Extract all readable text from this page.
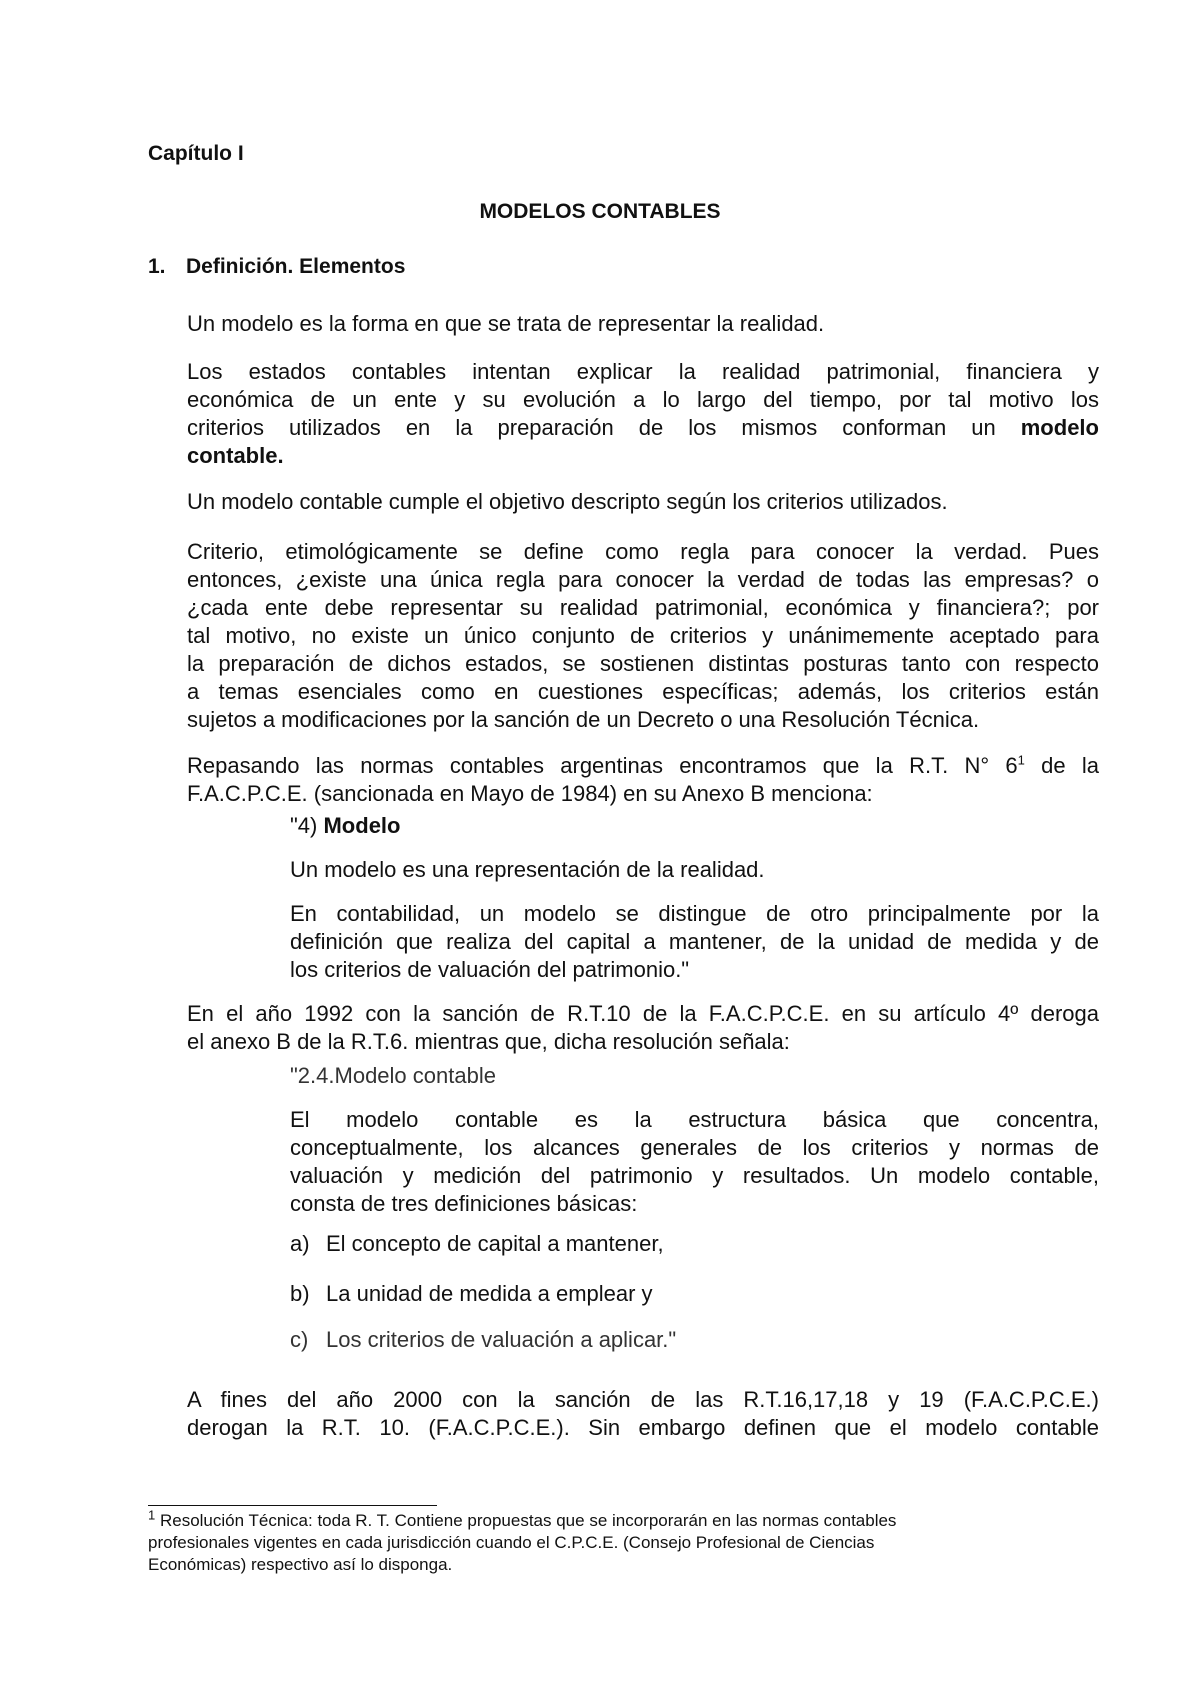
Capítulo I
MODELOS CONTABLES
1. Definición. Elementos
Un modelo es la forma en que se trata de representar la realidad.
Los estados contables intentan explicar la realidad patrimonial, financiera y
económica de un ente y su evolución a lo largo del tiempo, por tal motivo los
criterios utilizados en la preparación de los mismos conforman un modelo
contable.
Un modelo contable cumple el objetivo descripto según los criterios utilizados.
Criterio, etimológicamente se define como regla para conocer la verdad. Pues
entonces, ¿existe una única regla para conocer la verdad de todas las empresas? o
¿cada ente debe representar su realidad patrimonial, económica y financiera?; por
tal motivo, no existe un único conjunto de criterios y unánimemente aceptado para
la preparación de dichos estados, se sostienen distintas posturas tanto con respecto
a temas esenciales como en cuestiones específicas; además, los criterios están
sujetos a modificaciones por la sanción de un Decreto o una Resolución Técnica.
Repasando las normas contables argentinas encontramos que la R.T. N° $6^1$ de la
F.A.C.P.C.E. (sancionada en Mayo de 1984) en su Anexo B menciona:
"4) Modelo
Un modelo es una representación de la realidad.
En contabilidad, un modelo se distingue de otro principalmente por la
definición que realiza del capital a mantener, de la unidad de medida y de
los criterios de valuación del patrimonio."
En el año 1992 con la sanción de R.T.10 de la F.A.C.P.C.E. en su artículo 4º deroga
el anexo B de la R.T.6. mientras que, dicha resolución señala:
"2.4.Modelo contable
El modelo contable es la estructura básica que concentra,
conceptualmente, los alcances generales de los criterios y normas de
valuación y medición del patrimonio y resultados. Un modelo contable,
consta de tres definiciones básicas:
a) El concepto de capital a mantener,
b) La unidad de medida a emplear y
c) Los criterios de valuación a aplicar."
A fines del año 2000 con la sanción de las R.T.16,17,18 y 19 (F.A.C.P.C.E.)
derogan la R.T. 10. (F.A.C.P.C.E.). Sin embargo definen que el modelo contable
$^1$ Resolución Técnica: toda R. T. Contiene propuestas que se incorporarán en las normas contables
profesionales vigentes en cada jurisdicción cuando el C.P.C.E. (Consejo Profesional de Ciencias
Económicas) respectivo así lo disponga.
